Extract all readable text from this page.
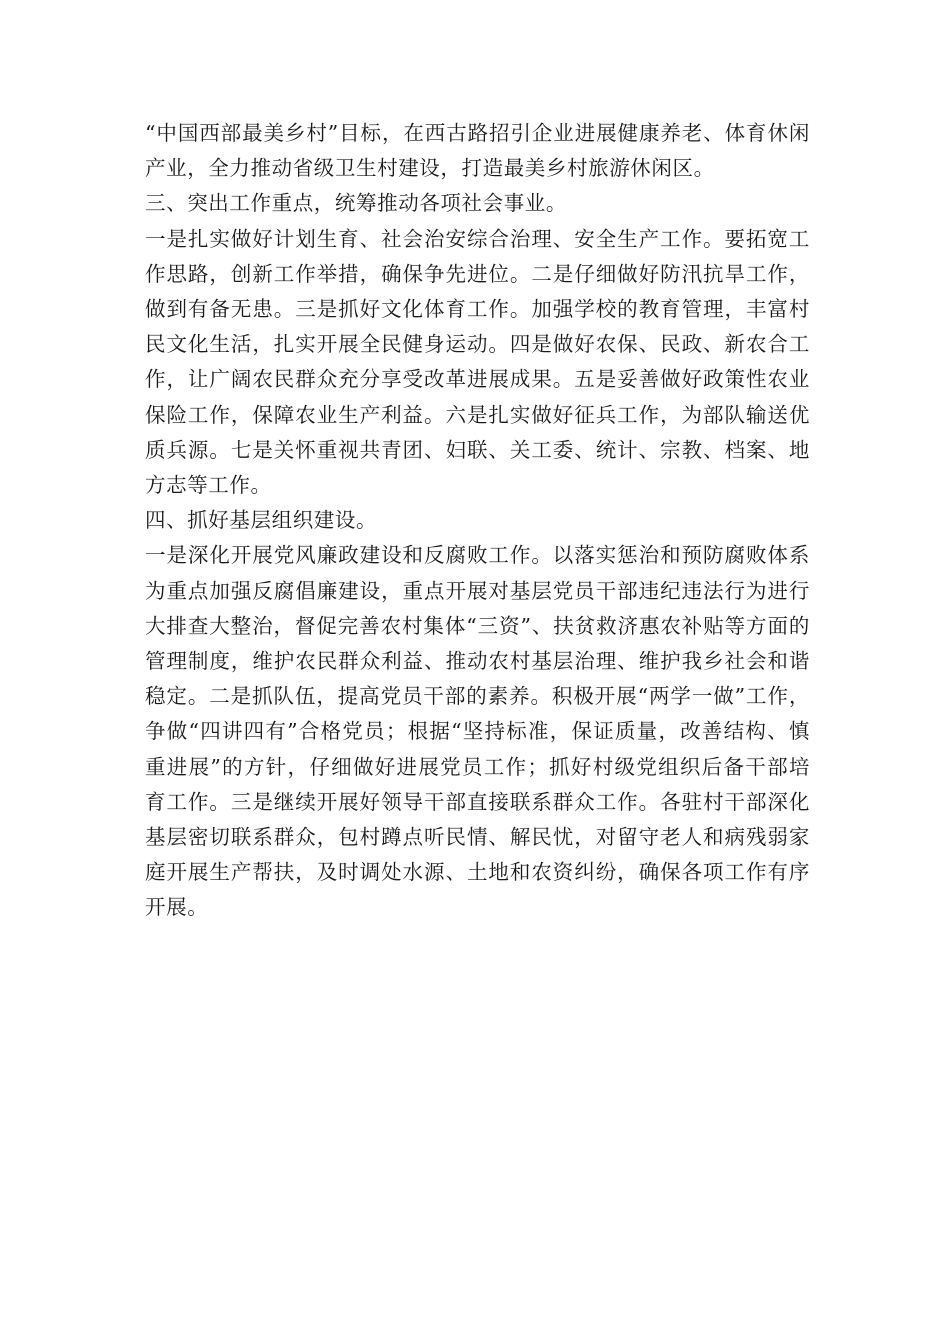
“中国西部最美乡村”目标，在西古路招引企业进展健康养老、体育休闲产业，全力推动省级卫生村建设，打造最美乡村旅游休闲区。

三、突出工作重点，统筹推动各项社会事业。

一是扎实做好计划生育、社会治安综合治理、安全生产工作。要拓宽工作思路，创新工作举措，确保争先进位。二是仔细做好防汛抗旱工作，做到有备无患。三是抓好文化体育工作。加强学校的教育管理，丰富村民文化生活，扎实开展全民健身运动。四是做好农保、民政、新农合工作，让广阔农民群众充分享受改革进展成果。五是妥善做好政策性农业保险工作，保障农业生产利益。六是扎实做好征兵工作，为部队输送优质兵源。七是关怀重视共青团、妇联、关工委、统计、宗教、档案、地方志等工作。

四、抓好基层组织建设。

一是深化开展党风廉政建设和反腐败工作。以落实惩治和预防腐败体系为重点加强反腐倡廉建设，重点开展对基层党员干部违纪违法行为进行大排查大整治，督促完善农村集体“三资”、扶贫救济惠农补贴等方面的管理制度，维护农民群众利益、推动农村基层治理、维护我乡社会和谐稳定。二是抓队伍，提高党员干部的素养。积极开展“两学一做”工作，争做“四讲四有”合格党员；根据“坚持标准，保证质量，改善结构、慎重进展”的方针，仔细做好进展党员工作；抓好村级党组织后备干部培育工作。三是继续开展好领导干部直接联系群众工作。各驻村干部深化基层密切联系群众，包村蹲点听民情、解民忧，对留守老人和病残弱家庭开展生产帮扶，及时调处水源、土地和农资纠纷，确保各项工作有序开展。
